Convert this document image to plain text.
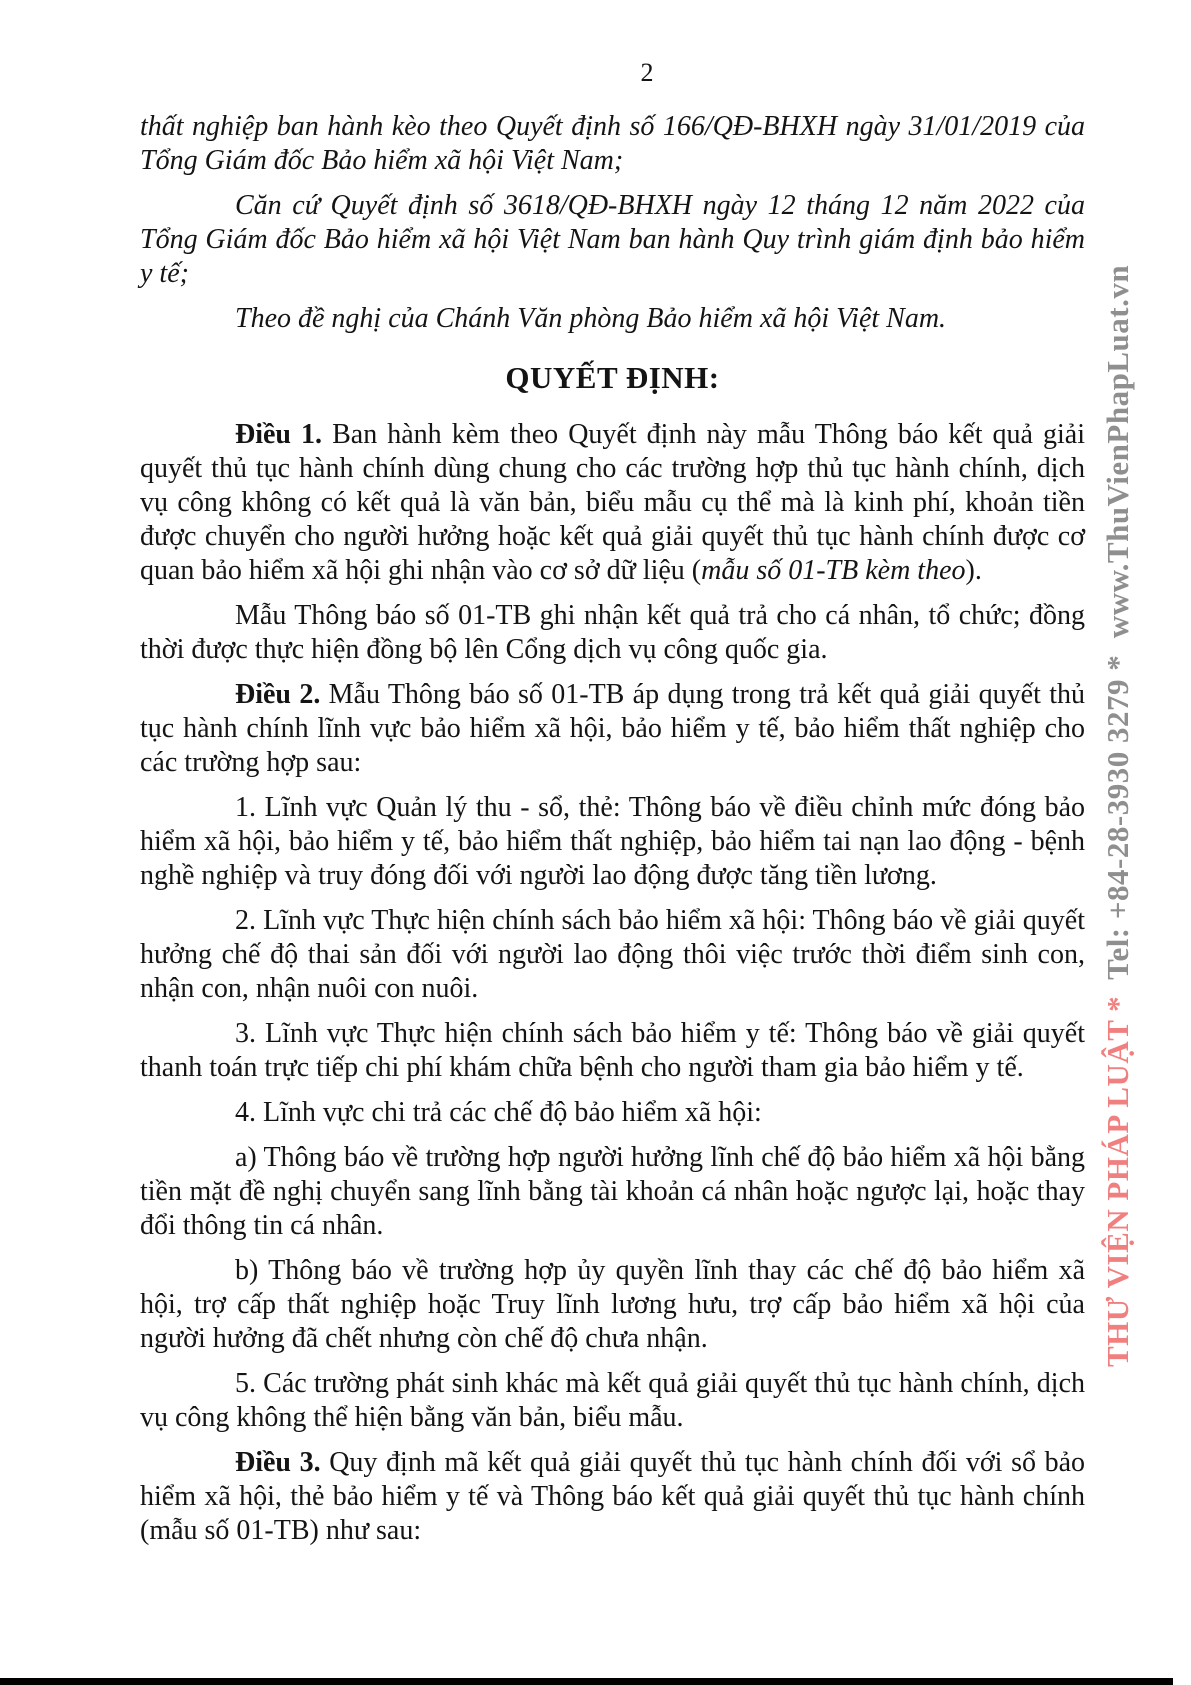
2

thất nghiệp ban hành kèo theo Quyết định số 166/QĐ-BHXH ngày 31/01/2019 của Tổng Giám đốc Bảo hiểm xã hội Việt Nam;

Căn cứ Quyết định số 3618/QĐ-BHXH ngày 12 tháng 12 năm 2022 của Tổng Giám đốc Bảo hiểm xã hội Việt Nam ban hành Quy trình giám định bảo hiểm y tế;

Theo đề nghị của Chánh Văn phòng Bảo hiểm xã hội Việt Nam.

QUYẾT ĐỊNH:

Điều 1. Ban hành kèm theo Quyết định này mẫu Thông báo kết quả giải quyết thủ tục hành chính dùng chung cho các trường hợp thủ tục hành chính, dịch vụ công không có kết quả là văn bản, biểu mẫu cụ thể mà là kinh phí, khoản tiền được chuyển cho người hưởng hoặc kết quả giải quyết thủ tục hành chính được cơ quan bảo hiểm xã hội ghi nhận vào cơ sở dữ liệu (mẫu số 01-TB kèm theo).

Mẫu Thông báo số 01-TB ghi nhận kết quả trả cho cá nhân, tổ chức; đồng thời được thực hiện đồng bộ lên Cổng dịch vụ công quốc gia.

Điều 2. Mẫu Thông báo số 01-TB áp dụng trong trả kết quả giải quyết thủ tục hành chính lĩnh vực bảo hiểm xã hội, bảo hiểm y tế, bảo hiểm thất nghiệp cho các trường hợp sau:

1. Lĩnh vực Quản lý thu - sổ, thẻ: Thông báo về điều chỉnh mức đóng bảo hiểm xã hội, bảo hiểm y tế, bảo hiểm thất nghiệp, bảo hiểm tai nạn lao động - bệnh nghề nghiệp và truy đóng đối với người lao động được tăng tiền lương.

2. Lĩnh vực Thực hiện chính sách bảo hiểm xã hội: Thông báo về giải quyết hưởng chế độ thai sản đối với người lao động thôi việc trước thời điểm sinh con, nhận con, nhận nuôi con nuôi.

3. Lĩnh vực Thực hiện chính sách bảo hiểm y tế: Thông báo về giải quyết thanh toán trực tiếp chi phí khám chữa bệnh cho người tham gia bảo hiểm y tế.

4. Lĩnh vực chi trả các chế độ bảo hiểm xã hội:

a) Thông báo về trường hợp người hưởng lĩnh chế độ bảo hiểm xã hội bằng tiền mặt đề nghị chuyển sang lĩnh bằng tài khoản cá nhân hoặc ngược lại, hoặc thay đổi thông tin cá nhân.

b) Thông báo về trường hợp ủy quyền lĩnh thay các chế độ bảo hiểm xã hội, trợ cấp thất nghiệp hoặc Truy lĩnh lương hưu, trợ cấp bảo hiểm xã hội của người hưởng đã chết nhưng còn chế độ chưa nhận.

5. Các trường phát sinh khác mà kết quả giải quyết thủ tục hành chính, dịch vụ công không thể hiện bằng văn bản, biểu mẫu.

Điều 3. Quy định mã kết quả giải quyết thủ tục hành chính đối với sổ bảo hiểm xã hội, thẻ bảo hiểm y tế và Thông báo kết quả giải quyết thủ tục hành chính (mẫu số 01-TB) như sau:

THƯ VIỆN PHÁP LUẬT *  Tel: +84-28-3930 3279 *  www.ThuVienPhapLuat.vn
